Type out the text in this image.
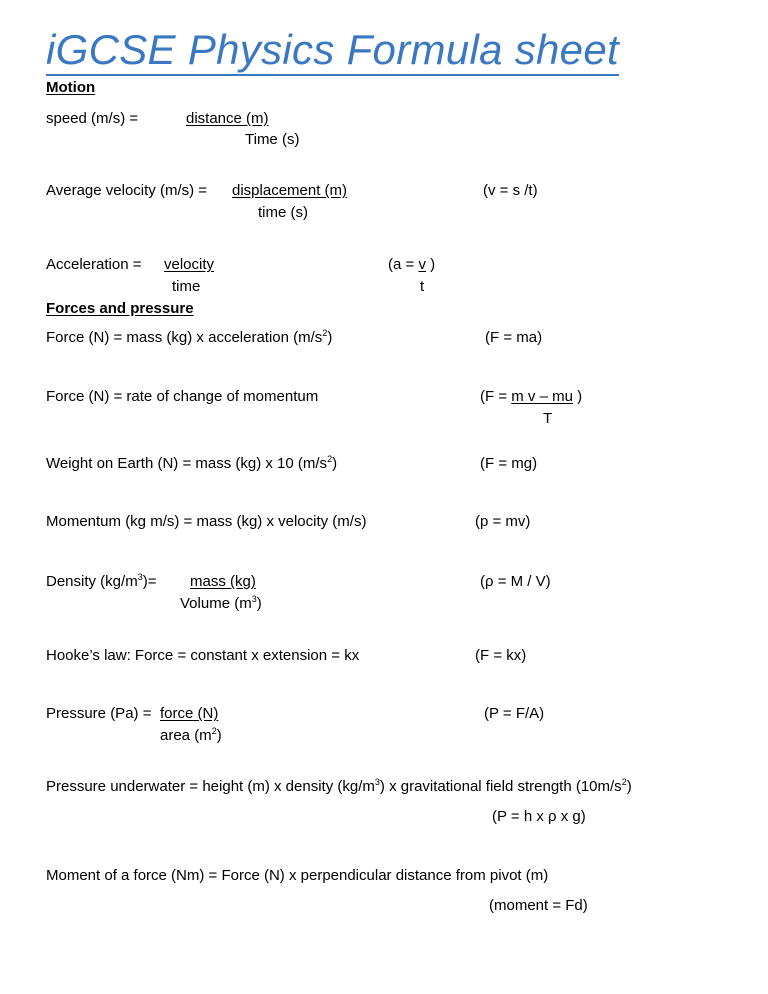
iGCSE Physics Formula sheet
Motion
speed (m/s) =	distance (m)
Time (s)
Average velocity (m/s) = displacement (m)
time (s)
(v = s /t)
Acceleration = velocity
time
(a = v )
t
Forces and pressure
Force (N) = mass (kg) x acceleration $(m/s^2)$	(F = ma)
Force (N) = rate of change of momentum	(F = m v – mu )
T
Weight on Earth (N) = mass (kg) x 10 $(m/s^2)$	(F = mg)
Momentum (kg m/s) = mass (kg) x velocity (m/s)	(p = mv)
Density $(kg/m^3)=$ mass (kg)
Volume $(m^3)$
(ρ = M / V)
Hooke’s law: Force = constant x extension = kx	(F = kx)
Pressure (Pa) = force (N)
area $(m^2)$
(P = F/A)
Pressure underwater = height (m) x density $(kg/m^3)$ x gravitational field strength $(10m/s^2)$
(P = h x ρ x g)
Moment of a force (Nm) = Force (N) x perpendicular distance from pivot (m)
(moment = Fd)
